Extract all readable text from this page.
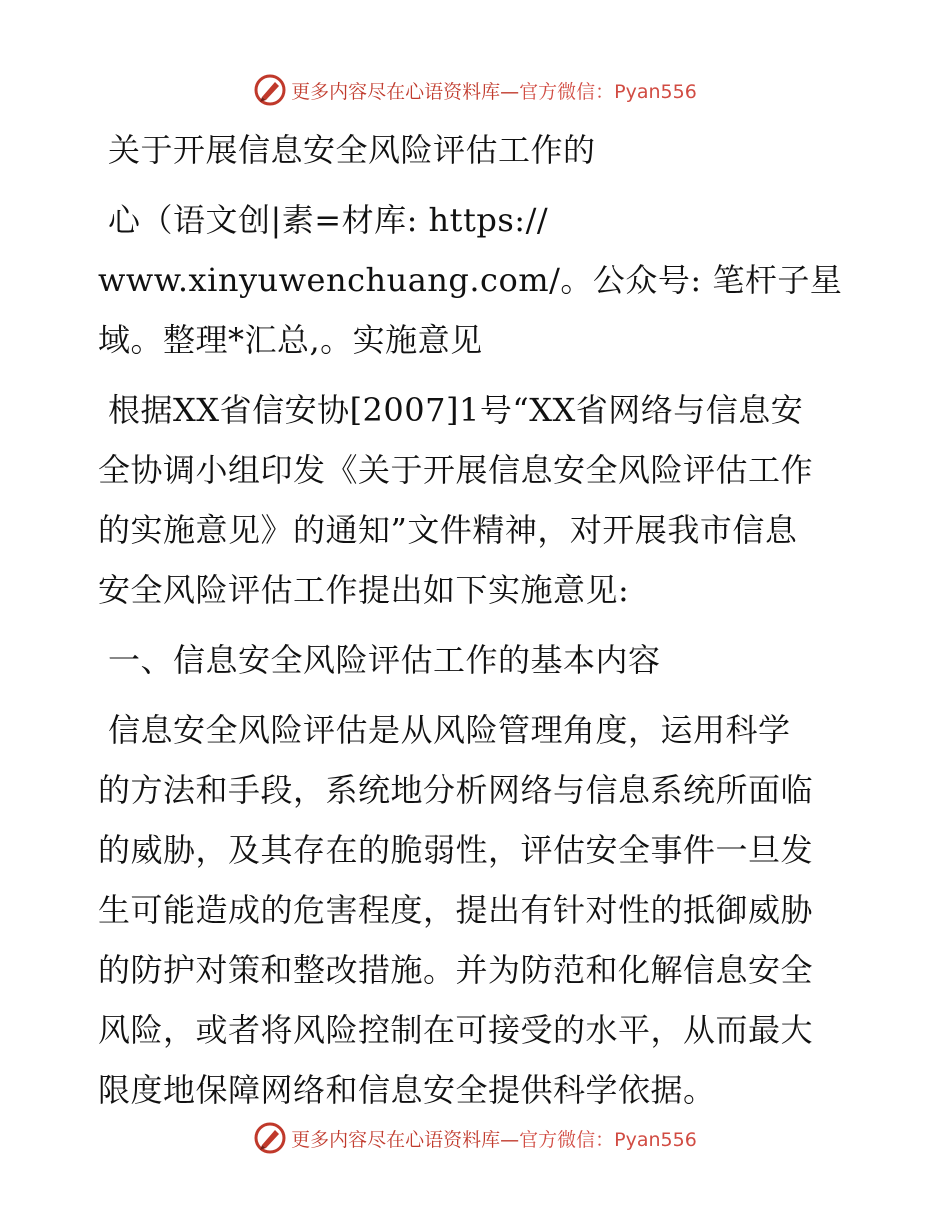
更多内容尽在心语资料库—官方微信：Pyan556
关于开展信息安全风险评估工作的
心（语文创|素=材库: https://
www.xinyuwenchuang.com/。公众号: 笔杆子星
域。整理*汇总,。实施意见
根据XX省信安协[2007]1号“XX省网络与信息安
全协调小组印发《关于开展信息安全风险评估工作
的实施意见》的通知”文件精神，对开展我市信息
安全风险评估工作提出如下实施意见:
一、信息安全风险评估工作的基本内容
信息安全风险评估是从风险管理角度，运用科学
的方法和手段，系统地分析网络与信息系统所面临
的威胁，及其存在的脆弱性，评估安全事件一旦发
生可能造成的危害程度，提出有针对性的抵御威胁
的防护对策和整改措施。并为防范和化解信息安全
风险，或者将风险控制在可接受的水平，从而最大
限度地保障网络和信息安全提供科学依据。
更多内容尽在心语资料库—官方微信：Pyan556
